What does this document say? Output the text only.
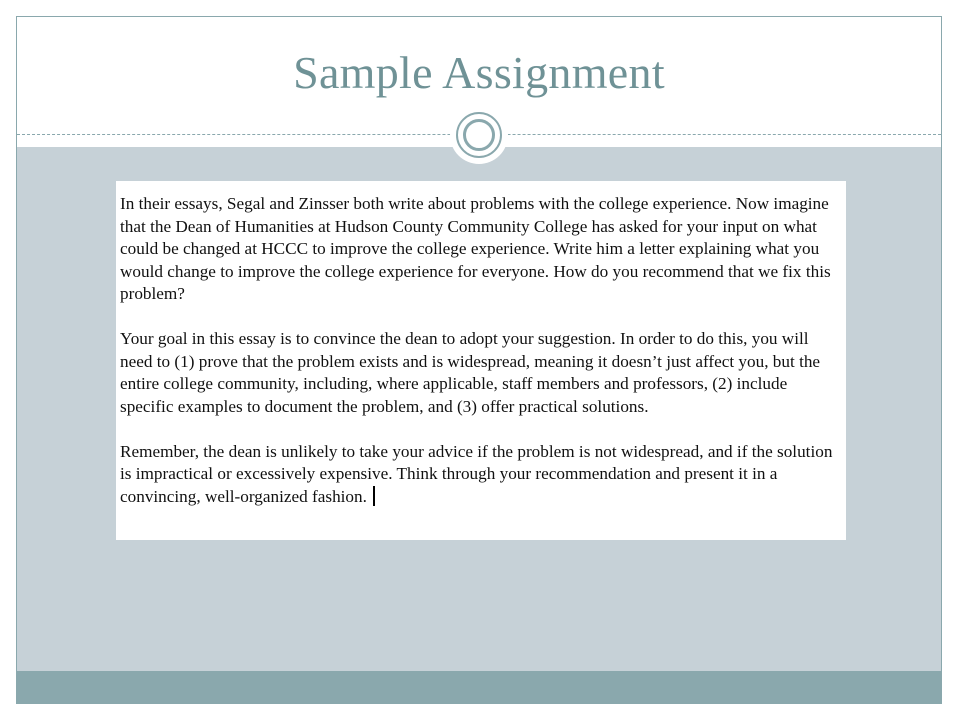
Sample Assignment

In their essays, Segal and Zinsser both write about problems with the college experience. Now imagine that the Dean of Humanities at Hudson County Community College has asked for your input on what could be changed at HCCC to improve the college experience. Write him a letter explaining what you would change to improve the college experience for everyone. How do you recommend that we fix this problem?

Your goal in this essay is to convince the dean to adopt your suggestion. In order to do this, you will need to (1) prove that the problem exists and is widespread, meaning it doesn’t just affect you, but the entire college community, including, where applicable, staff members and professors, (2) include specific examples to document the problem, and (3) offer practical solutions.

Remember, the dean is unlikely to take your advice if the problem is not widespread, and if the solution is impractical or excessively expensive. Think through your recommendation and present it in a convincing, well-organized fashion.
